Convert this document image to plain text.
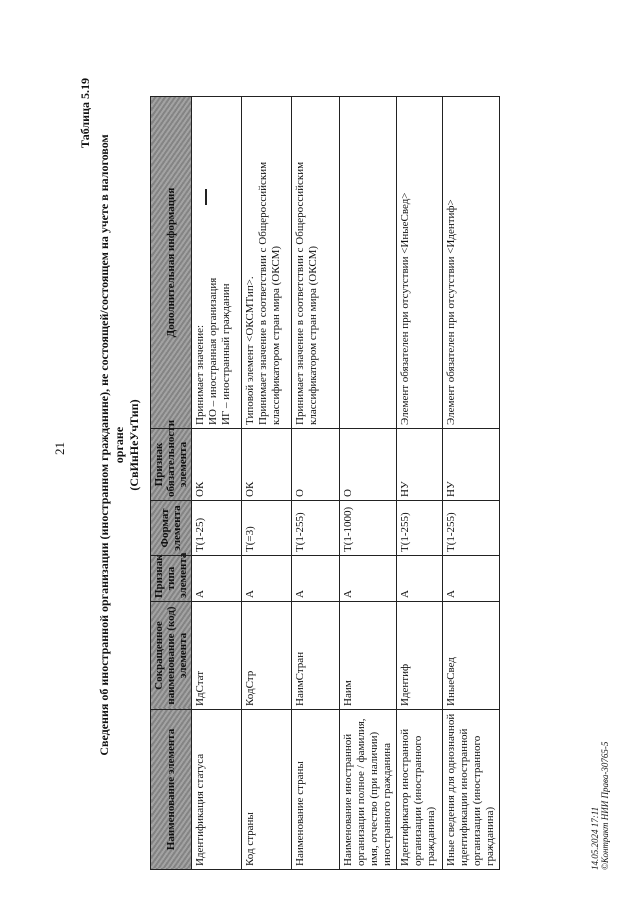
21
Таблица 5.19
Сведения об иностранной организации (иностранном гражданине), не состоящей/состоящем на учете в налоговом органе (СвИнНеУчТип)
Наименование элемента	Сокращенное наименование (код) элемента	Признак типа элемента	Формат элемента	Признак обязательности элемента	Дополнительная информация
Идентификация статуса	ИдСтат	А	T(1-25)	ОК	Принимает значение: ИО – иностранная организация ИГ – иностранный гражданин

Код страны	КодСтр	А	T(=3)	ОК	Типовой элемент <ОКСМТип>. Принимает значение в соответствии с Общероссийским классификатором стран мира (ОКСМ)

Наименование страны	НаимСтран	А	T(1-255)	О	Принимает значение в соответствии с Общероссийским классификатором стран мира (ОКСМ)

Наименование иностранной организации полное / фамилия, имя, отчество (при наличии) иностранного гражданина	Наим	А	T(1-1000)	О	

Идентификатор иностранной организации (иностранного гражданина)	Идентиф	А	T(1-255)	НУ	Элемент обязателен при отсутствии <ИныеСвед>

Иные сведения для однозначной идентификации иностранной организации (иностранного гражданина)	ИныеСвед	А	T(1-255)	НУ	Элемент обязателен при отсутствии <Идентиф>
14.05.2024 17:11 ©Контракт НИИ Права-30765-5
